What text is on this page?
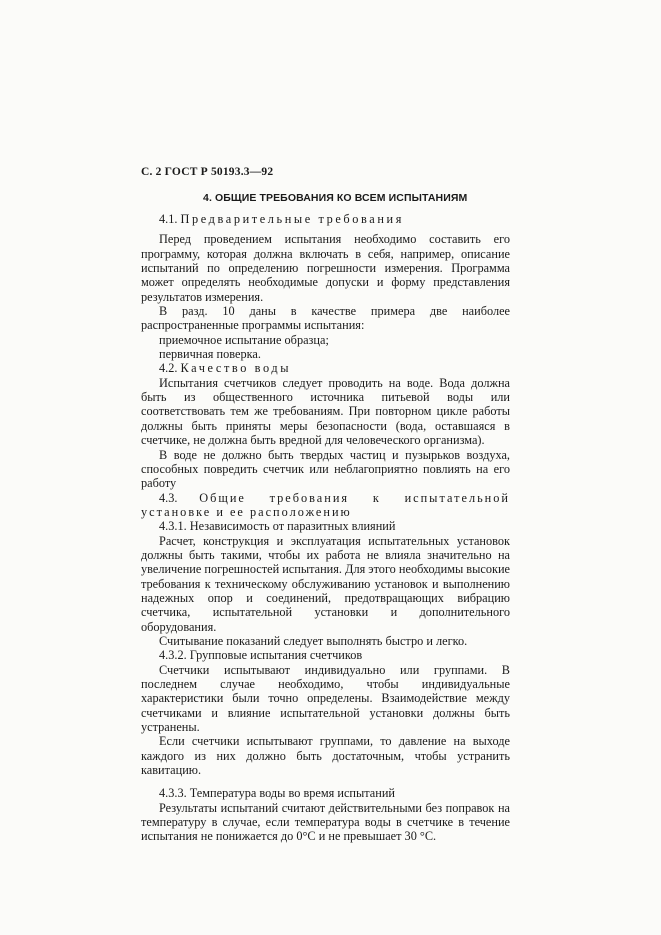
С. 2 ГОСТ Р 50193.3—92
4. ОБЩИЕ ТРЕБОВАНИЯ КО ВСЕМ ИСПЫТАНИЯМ

4.1. Предварительные требования

Перед проведением испытания необходимо составить его программу, которая должна включать в себя, например, описание испытаний по определению погрешности измерения. Программа может определять необходимые допуски и форму представления результатов измерения.

В разд. 10 даны в качестве примера две наиболее распространенные программы испытания:

приемочное испытание образца;

первичная поверка.

4.2. Качество воды

Испытания счетчиков следует проводить на воде. Вода должна быть из общественного источника питьевой воды или соответствовать тем же требованиям. При повторном цикле работы должны быть приняты меры безопасности (вода, оставшаяся в счетчике, не должна быть вредной для человеческого организма).

В воде не должно быть твердых частиц и пузырьков воздуха, способных повредить счетчик или неблагоприятно повлиять на его работу

4.3. Общие требования к испытательной установке и ее расположению

4.3.1. Независимость от паразитных влияний

Расчет, конструкция и эксплуатация испытательных установок должны быть такими, чтобы их работа не влияла значительно на увеличение погрешностей испытания. Для этого необходимы высокие требования к техническому обслуживанию установок и выполнению надежных опор и соединений, предотвращающих вибрацию счетчика, испытательной установки и дополнительного оборудования.

Считывание показаний следует выполнять быстро и легко.

4.3.2. Групповые испытания счетчиков

Счетчики испытывают индивидуально или группами. В последнем случае необходимо, чтобы индивидуальные характеристики были точно определены. Взаимодействие между счетчиками и влияние испытательной установки должны быть устранены.

Если счетчики испытывают группами, то давление на выходе каждого из них должно быть достаточным, чтобы устранить кавитацию.

4.3.3. Температура воды во время испытаний

Результаты испытаний считают действительными без поправок на температуру в случае, если температура воды в счетчике в течение испытания не понижается до 0°С и не превышает 30 °С.
